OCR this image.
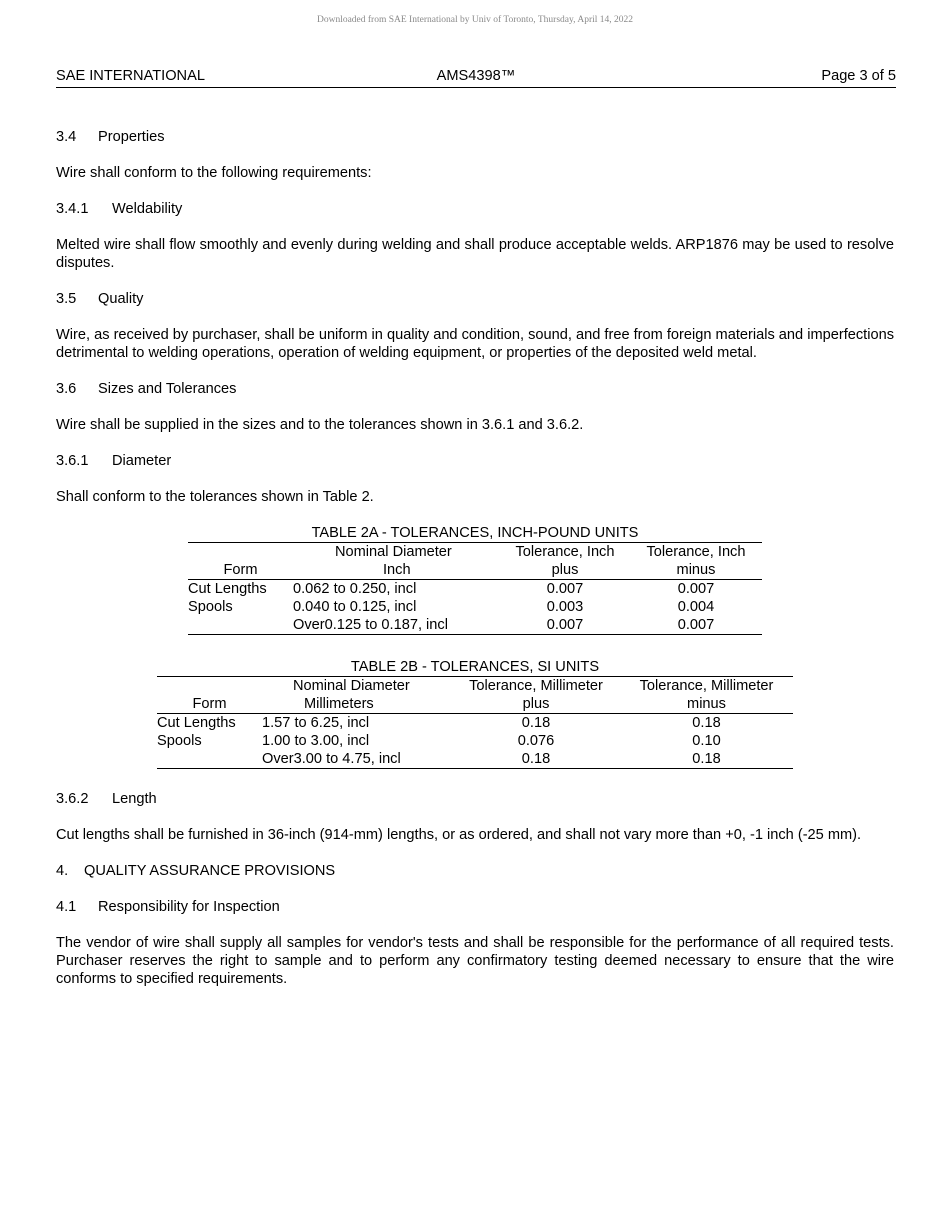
Downloaded from SAE International by Univ of Toronto, Thursday, April 14, 2022
AMS4398™
SAE INTERNATIONAL	Page 3 of 5
3.4 Properties

Wire shall conform to the following requirements:

3.4.1 Weldability

Melted wire shall flow smoothly and evenly during welding and shall produce acceptable welds. ARP1876 may be used to resolve disputes.

3.5 Quality

Wire, as received by purchaser, shall be uniform in quality and condition, sound, and free from foreign materials and imperfections detrimental to welding operations, operation of welding equipment, or properties of the deposited weld metal.

3.6 Sizes and Tolerances

Wire shall be supplied in the sizes and to the tolerances shown in 3.6.1 and 3.6.2.

3.6.1 Diameter

Shall conform to the tolerances shown in Table 2.

TABLE 2A - TOLERANCES, INCH-POUND UNITS
	Nominal Diameter	Tolerance, Inch	Tolerance, Inch
Form	Inch	plus	minus
Cut Lengths	0.062 to 0.250, incl	0.007	0.007
Spools	0.040 to 0.125, incl	0.003	0.004
	Over0.125 to 0.187, incl	0.007	0.007
TABLE 2B - TOLERANCES, SI UNITS
	Nominal Diameter	Tolerance, Millimeter	Tolerance, Millimeter
Form	Millimeters	plus	minus
Cut Lengths	1.57 to 6.25, incl	0.18	0.18
Spools	1.00 to 3.00, incl	0.076	0.10
	Over3.00 to 4.75, incl	0.18	0.18
3.6.2 Length

Cut lengths shall be furnished in 36-inch (914-mm) lengths, or as ordered, and shall not vary more than +0, -1 inch (-25 mm).

4. QUALITY ASSURANCE PROVISIONS
4.1 Responsibility for Inspection

The vendor of wire shall supply all samples for vendor's tests and shall be responsible for the performance of all required tests. Purchaser reserves the right to sample and to perform any confirmatory testing deemed necessary to ensure that the wire conforms to specified requirements.
